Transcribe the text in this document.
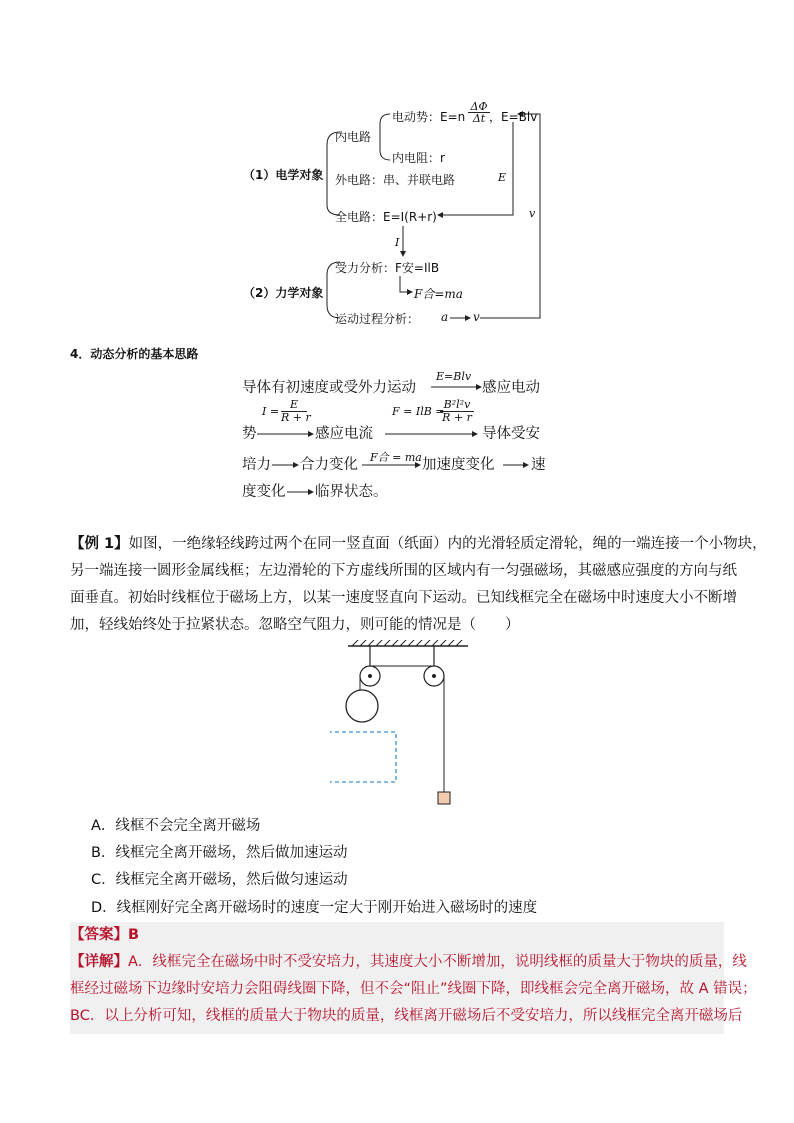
（1）电学对象
（2）力学对象
内电路
电动势：$E=n \frac{\Delta\Phi}{\Delta t}$ ，E=Blv
内电阻：r
外电路：串、并联电路	E
v
全电路：E=I(R+r)
I
受力分析：F安=IlB
F合=ma
运动过程分析： a v
4．动态分析的基本思路
导体有初速度或受外力运动
E=Blv
感应电动
势
$I = \frac{E}{R + r}$
感应电流
F = IlB =
$\frac{\text{B²l²v}}{R + r}$
导体受安
培力 合力变化 F合 = ma 加速度变化	速
度变化 临界状态。
【例 1】如图，一绝缘轻线跨过两个在同一竖直面（纸面）内的光滑轻质定滑轮，绳的一端连接一个小物块，
另一端连接一圆形金属线框；左边滑轮的下方虚线所围的区域内有一匀强磁场，其磁感应强度的方向与纸
面垂直。初始时线框位于磁场上方，以某一速度竖直向下运动。已知线框完全在磁场中时速度大小不断增
加，轻线始终处于拉紧状态。忽略空气阻力，则可能的情况是（　　）
A．线框不会完全离开磁场
B．线框完全离开磁场，然后做加速运动
C．线框完全离开磁场，然后做匀速运动
D．线框刚好完全离开磁场时的速度一定大于刚开始进入磁场时的速度
【答案】B
【详解】A．线框完全在磁场中时不受安培力，其速度大小不断增加，说明线框的质量大于物块的质量，线
框经过磁场下边缘时安培力会阻碍线圈下降，但不会“阻止”线圈下降，即线框会完全离开磁场，故 A 错误；
BC．以上分析可知，线框的质量大于物块的质量，线框离开磁场后不受安培力，所以线框完全离开磁场后
